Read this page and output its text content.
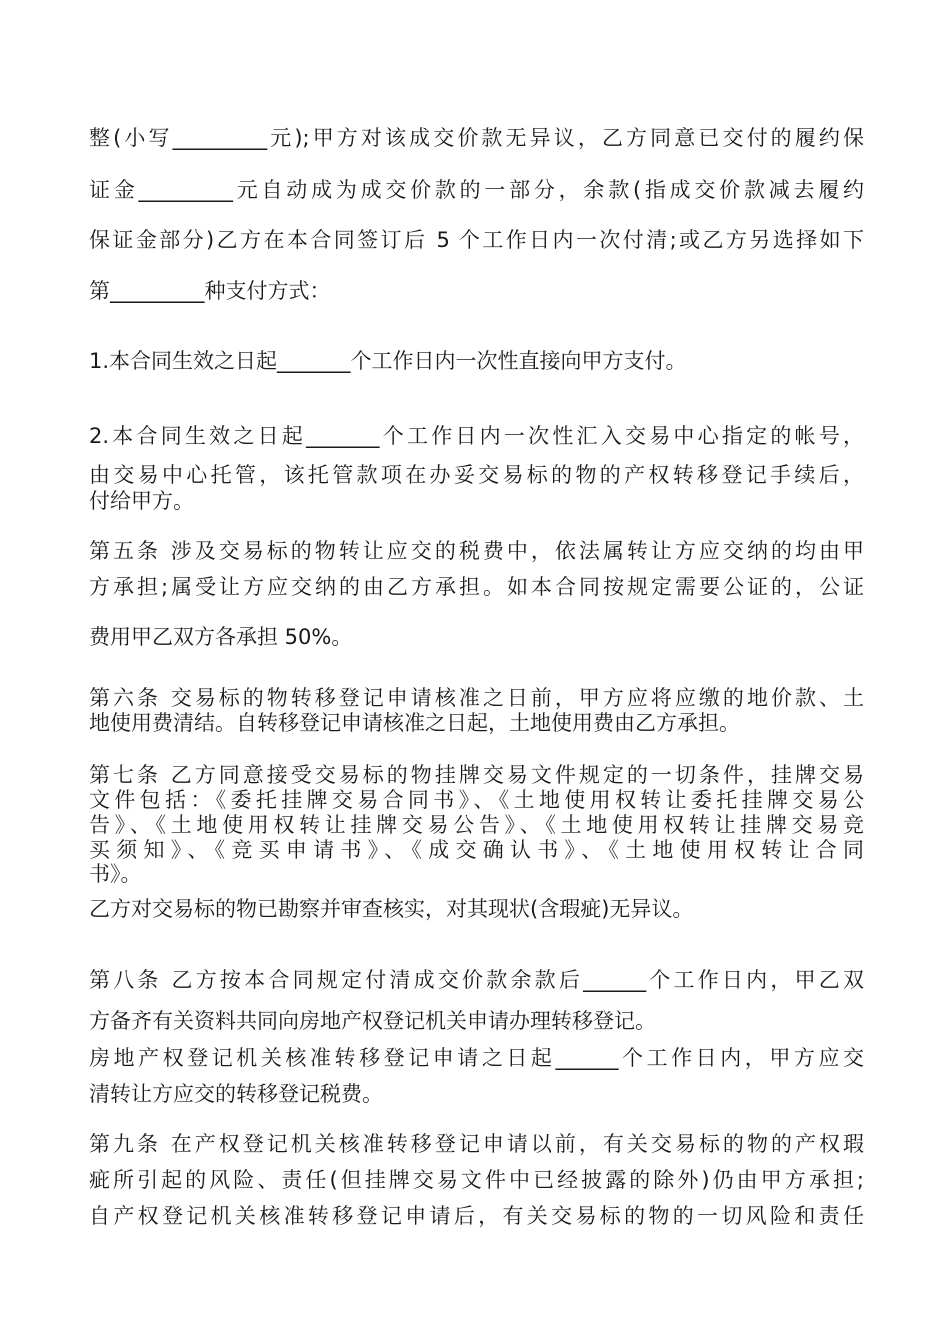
整(小写_________元);甲方对该成交价款无异议，乙方同意已交付的履约保
证金_________元自动成为成交价款的一部分，余款(指成交价款减去履约
保证金部分)乙方在本合同签订后 5 个工作日内一次付清;或乙方另选择如下
第_________种支付方式：
1.本合同生效之日起_______个工作日内一次性直接向甲方支付。
2.本合同生效之日起_______个工作日内一次性汇入交易中心指定的帐号，
由交易中心托管，该托管款项在办妥交易标的物的产权转移登记手续后，
付给甲方。
第五条 涉及交易标的物转让应交的税费中，依法属转让方应交纳的均由甲
方承担;属受让方应交纳的由乙方承担。如本合同按规定需要公证的，公证
费用甲乙双方各承担 50%。
第六条 交易标的物转移登记申请核准之日前，甲方应将应缴的地价款、土
地使用费清结。自转移登记申请核准之日起，土地使用费由乙方承担。
第七条 乙方同意接受交易标的物挂牌交易文件规定的一切条件，挂牌交易
文件包括：《委托挂牌交易合同书》、《土地使用权转让委托挂牌交易公
告》、《土地使用权转让挂牌交易公告》、《土地使用权转让挂牌交易竞
买须知》、《竞买申请书》、《成交确认书》、《土地使用权转让合同
书》。
乙方对交易标的物已勘察并审查核实，对其现状(含瑕疵)无异议。
第八条 乙方按本合同规定付清成交价款余款后______个工作日内，甲乙双
方备齐有关资料共同向房地产权登记机关申请办理转移登记。
房地产权登记机关核准转移登记申请之日起______个工作日内，甲方应交
清转让方应交的转移登记税费。
第九条 在产权登记机关核准转移登记申请以前，有关交易标的物的产权瑕
疵所引起的风险、责任(但挂牌交易文件中已经披露的除外)仍由甲方承担;
自产权登记机关核准转移登记申请后，有关交易标的物的一切风险和责任
